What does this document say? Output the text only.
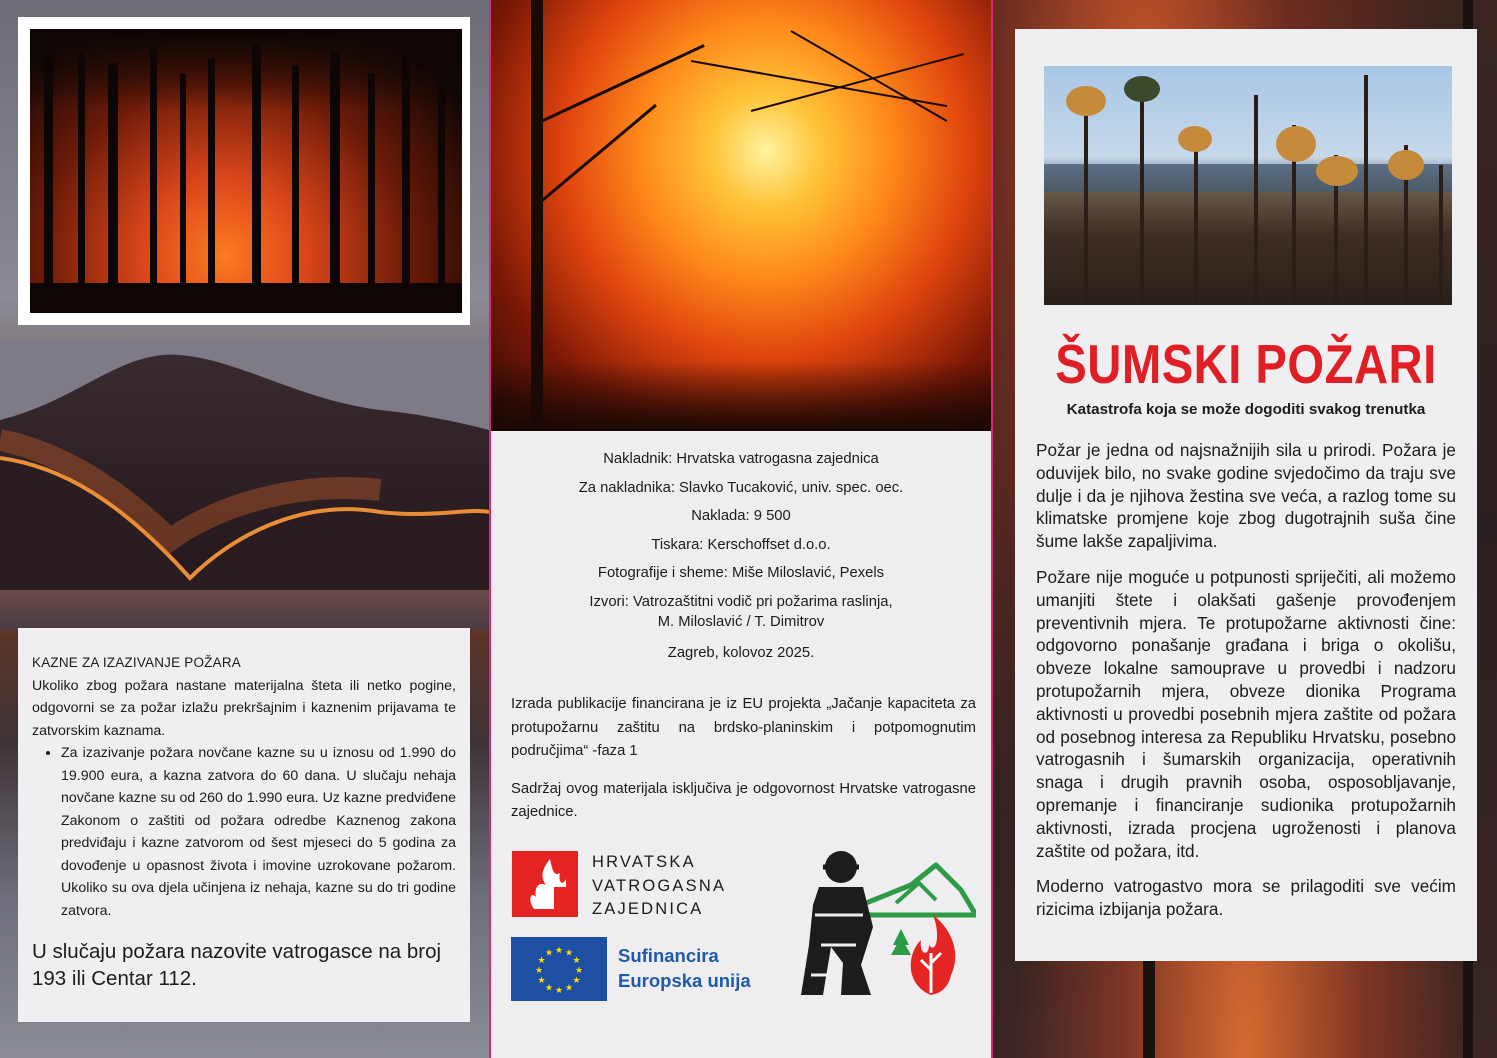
KAZNE ZA IZAZIVANJE POŽARA

Ukoliko zbog požara nastane materijalna šteta ili netko pogine, odgovorni se za požar izlažu prekršajnim i kaznenim prijavama te zatvorskim kaznama.

• Za izazivanje požara novčane kazne su u iznosu od 1.990 do 19.900 eura, a kazna zatvora do 60 dana. U slučaju nehaja novčane kazne su od 260 do 1.990 eura. Uz kazne predviđene Zakonom o zaštiti od požara odredbe Kaznenog zakona predviđaju i kazne zatvorom od šest mjeseci do 5 godina za dovođenje u opasnost života i imovine uzrokovane požarom. Ukoliko su ova djela učinjena iz nehaja, kazne su do tri godine zatvora.
U slučaju požara nazovite vatrogasce na broj 193 ili Centar 112.
Nakladnik: Hrvatska vatrogasna zajednica
Za nakladnika: Slavko Tucaković, univ. spec. oec.
Naklada: 9 500
Tiskara: Kerschoffset d.o.o.
Fotografije i sheme: Miše Miloslavić, Pexels
Izvori: Vatrozaštitni vodič pri požarima raslinja,
M. Miloslavić / T. Dimitrov
Zagreb, kolovoz 2025.

Izrada publikacije financirana je iz EU projekta „Jačanje kapaciteta za protupožarnu zaštitu na brdsko-planinskim i potpomognutim područjima“ -faza 1

Sadržaj ovog materijala isključiva je odgovornost Hrvatske vatrogasne zajednice.

HRVATSKA
VATROGASNA
ZAJEDNICA
★ ★
★
★
★
★
★
★
★
★
★
★	Sufinancira
Europska unija
ŠUMSKI POŽARI
Katastrofa koja se može dogoditi svakog trenutka

Požar je jedna od najsnažnijih sila u prirodi. Požara je oduvijek bilo, no svake godine svjedočimo da traju sve dulje i da je njihova žestina sve veća, a razlog tome su klimatske promjene koje zbog dugotrajnih suša čine šume lakše zapaljivima.

Požare nije moguće u potpunosti spriječiti, ali možemo umanjiti štete i olakšati gašenje provođenjem preventivnih mjera. Te protupožarne aktivnosti čine: odgovorno ponašanje građana i briga o okolišu, obveze lokalne samouprave u provedbi i nadzoru protupožarnih mjera, obveze dionika Programa aktivnosti u provedbi posebnih mjera zaštite od požara od posebnog interesa za Republiku Hrvatsku, posebno vatrogasnih i šumarskih organizacija, operativnih snaga i drugih pravnih osoba, osposobljavanje, opremanje i financiranje sudionika protupožarnih aktivnosti, izrada procjena ugroženosti i planova zaštite od požara, itd.

Moderno vatrogastvo mora se prilagoditi sve većim rizicima izbijanja požara.
